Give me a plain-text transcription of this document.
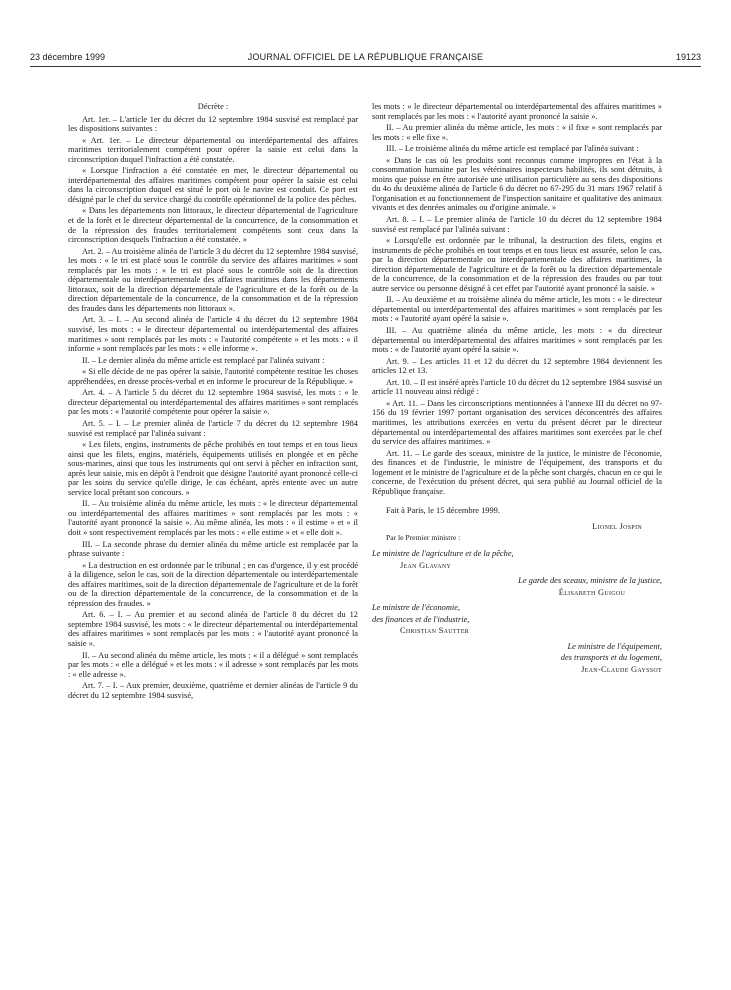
23 décembre 1999	JOURNAL OFFICIEL DE LA RÉPUBLIQUE FRANÇAISE	19123

Décrète :

Art. 1er. – L'article 1er du décret du 12 septembre 1984 susvisé est remplacé par les dispositions suivantes :

« Art. 1er. – Le directeur départemental ou interdépartemental des affaires maritimes territorialement compétent pour opérer la saisie est celui dans la circonscription duquel l'infraction a été constatée.

« Lorsque l'infraction a été constatée en mer, le directeur départemental ou interdépartemental des affaires maritimes compétent pour opérer la saisie est celui dans la circonscription duquel est situé le port où le navire est conduit. Ce port est désigné par le chef du service chargé du contrôle opérationnel de la police des pêches.

« Dans les départements non littoraux, le directeur départemental de l'agriculture et de la forêt et le directeur départemental de la concurrence, de la consommation et de la répression des fraudes territorialement compétents sont ceux dans la circonscription desquels l'infraction a été constatée. »

Art. 2. – Au troisième alinéa de l'article 3 du décret du 12 septembre 1984 susvisé, les mots : « le tri est placé sous le contrôle du service des affaires maritimes » sont remplacés par les mots : « le tri est placé sous le contrôle soit de la direction départementale ou interdépartementale des affaires maritimes dans les départements littoraux, soit de la direction départementale de l'agriculture et de la forêt ou de la direction départementale de la concurrence, de la consommation et de la répression des fraudes dans les départements non littoraux ».

Art. 3. – I. – Au second alinéa de l'article 4 du décret du 12 septembre 1984 susvisé, les mots : « le directeur départemental ou interdépartemental des affaires maritimes » sont remplacés par les mots : « l'autorité compétente » et les mots : « il informe » sont remplacés par les mots : « elle informe ».

II. – Le dernier alinéa du même article est remplacé par l'alinéa suivant :

« Si elle décide de ne pas opérer la saisie, l'autorité compétente restitue les choses appréhendées, en dresse procès-verbal et en informe le procureur de la République. »

Art. 4. – A l'article 5 du décret du 12 septembre 1984 susvisé, les mots : « le directeur départemental ou interdépartemental des affaires maritimes » sont remplacés par les mots : « l'autorité compétente pour opérer la saisie ».

Art. 5. – I. – Le premier alinéa de l'article 7 du décret du 12 septembre 1984 susvisé est remplacé par l'alinéa suivant :

« Les filets, engins, instruments de pêche prohibés en tout temps et en tous lieux ainsi que les filets, engins, matériels, équipements utilisés en plongée et en pêche sous-marines, ainsi que tous les instruments qui ont servi à pêcher en infraction sont, après leur saisie, mis en dépôt à l'endroit que désigne l'autorité ayant prononcé celle-ci par les soins du service qu'elle dirige, le cas échéant, après entente avec un autre service local prêtant son concours. »

II. – Au troisième alinéa du même article, les mots : « le directeur départemental ou interdépartemental des affaires maritimes » sont remplacés par les mots : « l'autorité ayant prononcé la saisie ». Au même alinéa, les mots : « il estime » et « il doit » sont respectivement remplacés par les mots : « elle estime » et « elle doit ».

III. – La seconde phrase du dernier alinéa du même article est remplacée par la phrase suivante :

« La destruction en est ordonnée par le tribunal ; en cas d'urgence, il y est procédé à la diligence, selon le cas, soit de la direction départementale ou interdépartementale des affaires maritimes, soit de la direction départementale de l'agriculture et de la forêt ou de la direction départementale de la concurrence, de la consommation et de la répression des fraudes. »

Art. 6. – I. – Au premier et au second alinéa de l'article 8 du décret du 12 septembre 1984 susvisé, les mots : « le directeur départemental ou interdépartemental des affaires maritimes » sont remplacés par les mots : « l'autorité ayant prononcé la saisie ».

II. – Au second alinéa du même article, les mots : « il a délégué » sont remplacés par les mots : « elle a délégué » et les mots : « il adresse » sont remplacés par les mots : « elle adresse ».

Art. 7. – I. – Aux premier, deuxième, quatrième et dernier alinéas de l'article 9 du décret du 12 septembre 1984 susvisé,

les mots : « le directeur départemental ou interdépartemental des affaires maritimes » sont remplacés par les mots : « l'autorité ayant prononcé la saisie ».

II. – Au premier alinéa du même article, les mots : « il fixe » sont remplacés par les mots : « elle fixe ».

III. – Le troisième alinéa du même article est remplacé par l'alinéa suivant :

« Dans le cas où les produits sont reconnus comme impropres en l'état à la consommation humaine par les vétérinaires inspecteurs habilités, ils sont détruits, à moins que puisse en être autorisée une utilisation particulière au sens des dispositions du 4o du deuxième alinéa de l'article 6 du décret no 67-295 du 31 mars 1967 relatif à l'organisation et au fonctionnement de l'inspection sanitaire et qualitative des animaux vivants et des denrées animales ou d'origine animale. »

Art. 8. – I. – Le premier alinéa de l'article 10 du décret du 12 septembre 1984 susvisé est remplacé par l'alinéa suivant :

« Lorsqu'elle est ordonnée par le tribunal, la destruction des filets, engins et instruments de pêche prohibés en tout temps et en tous lieux est assurée, selon le cas, par la direction départementale ou interdépartementale des affaires maritimes, la direction départementale de l'agriculture et de la forêt ou la direction départementale de la concurrence, de la consommation et de la répression des fraudes ou par tout autre service ou personne désigné à cet effet par l'autorité ayant prononcé la saisie. »

II. – Au deuxième et au troisième alinéa du même article, les mots : « le directeur départemental ou interdépartemental des affaires maritimes » sont remplacés par les mots : « l'autorité ayant opéré la saisie ».

III. – Au quatrième alinéa du même article, les mots : « du directeur départemental ou interdépartemental des affaires maritimes » sont remplacés par les mots : « de l'autorité ayant opéré la saisie ».

Art. 9. – Les articles 11 et 12 du décret du 12 septembre 1984 deviennent les articles 12 et 13.

Art. 10. – Il est inséré après l'article 10 du décret du 12 septembre 1984 susvisé un article 11 nouveau ainsi rédigé :

« Art. 11. – Dans les circonscriptions mentionnées à l'annexe III du décret no 97-156 du 19 février 1997 portant organisation des services déconcentrés des affaires maritimes, les attributions exercées en vertu du présent décret par le directeur départemental ou interdépartemental des affaires maritimes sont exercées par le chef du service des affaires maritimes. »

Art. 11. – Le garde des sceaux, ministre de la justice, le ministre de l'économie, des finances et de l'industrie, le ministre de l'équipement, des transports et du logement et le ministre de l'agriculture et de la pêche sont chargés, chacun en ce qui le concerne, de l'exécution du présent décret, qui sera publié au Journal officiel de la République française.

Fait à Paris, le 15 décembre 1999.

Lionel Jospin

Par le Premier ministre :

Le ministre de l'agriculture et de la pêche,

Jean Glavany

Le garde des sceaux, ministre de la justice,

Élisabeth Guigou

Le ministre de l'économie,

des finances et de l'industrie,

Christian Sautter

Le ministre de l'équipement,

des transports et du logement,

Jean-Claude Gayssot
